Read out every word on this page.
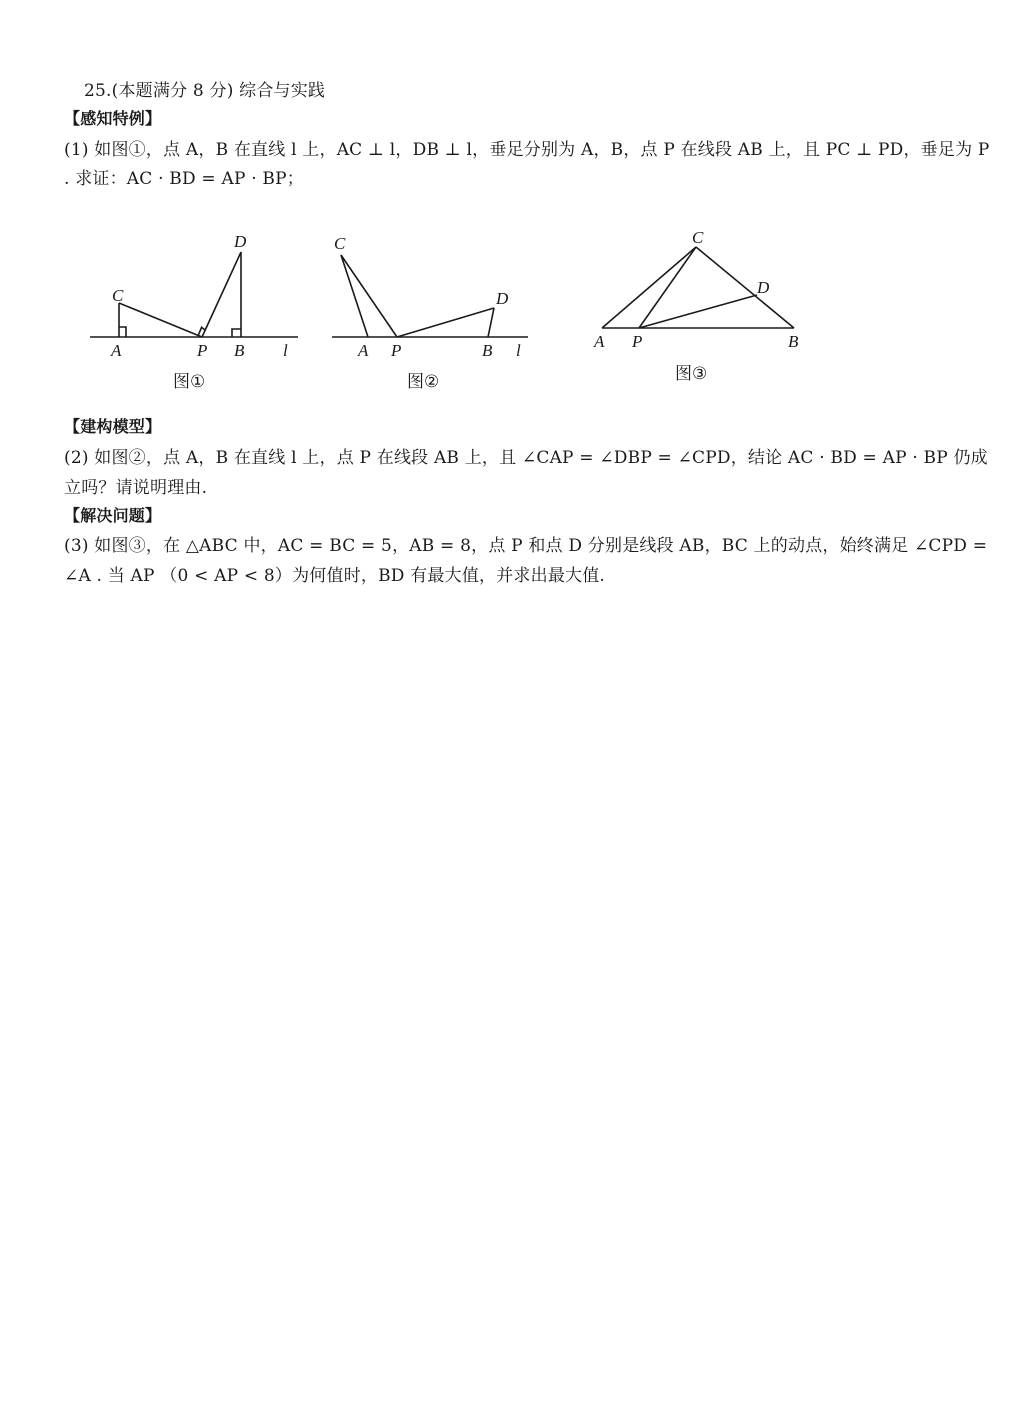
25.(本题满分 8 分) 综合与实践
【感知特例】
(1) 如图①，点 A，B 在直线 l 上，AC ⊥ l，DB ⊥ l，垂足分别为 A，B，点 P 在线段 AB 上，且 PC ⊥ PD，垂足为 P
. 求证：AC · BD = AP · BP；
C
D
A	P B l
图①
C
D
A P	B l
图②
C
D
A P	B
图③
【建构模型】
(2) 如图②，点 A，B 在直线 l 上，点 P 在线段 AB 上，且 ∠CAP = ∠DBP = ∠CPD，结论 AC · BD = AP · BP 仍成
立吗？请说明理由.
【解决问题】
(3) 如图③，在 △ABC 中，AC = BC = 5，AB = 8，点 P 和点 D 分别是线段 AB，BC 上的动点，始终满足 ∠CPD =
∠A . 当 AP （0 < AP < 8）为何值时，BD 有最大值，并求出最大值.
